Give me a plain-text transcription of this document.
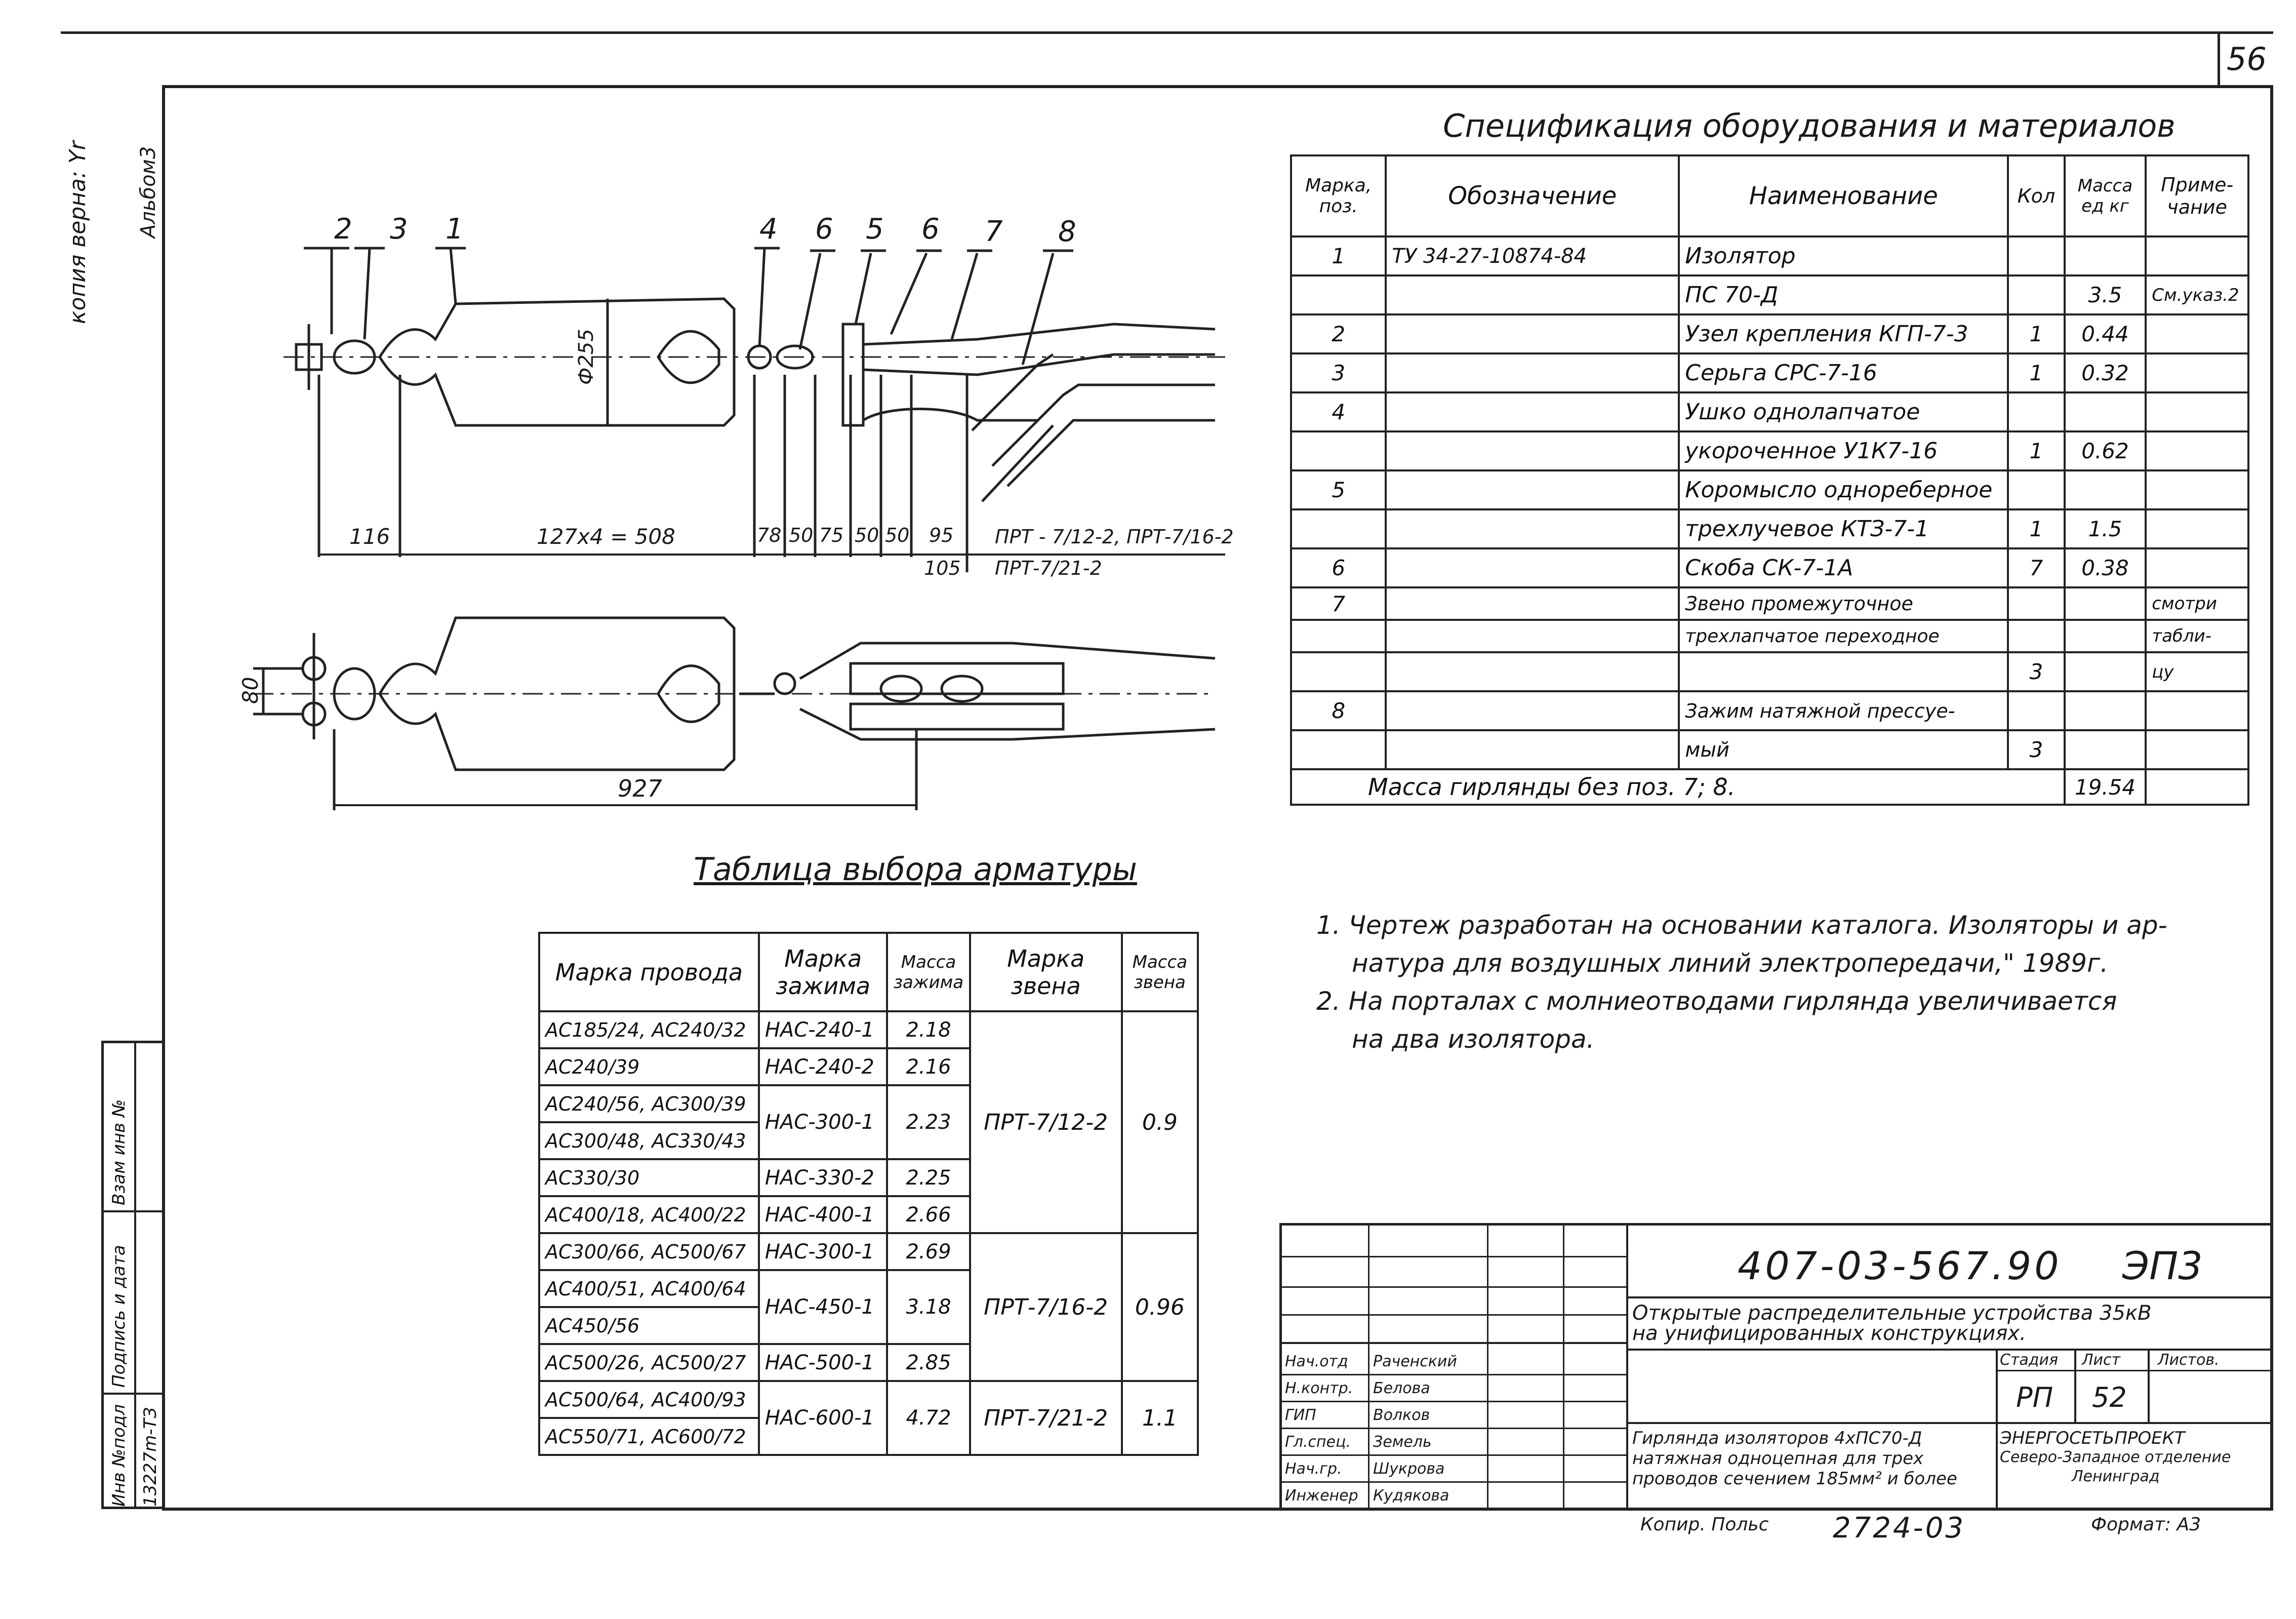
56
копия верна: Yr Альбом3
Инв №подл
Подпись и дата
Взам инв №
13227m-ТЗ
2 3 1	4 6 5 6 7 8
Ф255
116	127x4 = 508	78 50 75 50 50 95
105
ПРТ - 7/12-2, ПРТ-7/16-2
ПРТ-7/21-2
80
927
Таблица выбора арматуры
Марка провода	Марка зажима	Масса зажима	Марка звена	Масса звена
АС185/24, АС240/32	НАС-240-1	2.18	ПРТ-7/12-2	0.9
АС240/39	НАС-240-2	2.16		
АС240/56, АС300/39	НАС-300-1	2.23		
АС300/48, АС330/43				
АС330/30	НАС-330-2	2.25		
АС400/18, АС400/22	НАС-400-1	2.66		
АС300/66, АС500/67	НАС-300-1	2.69	ПРТ-7/16-2	0.96
АС400/51, АС400/64	НАС-450-1	3.18		
АС450/56				
АС500/26, АС500/27	НАС-500-1	2.85		
АС500/64, АС400/93	НАС-600-1	4.72	ПРТ-7/21-2	1.1
АС550/71, АС600/72				
Спецификация оборудования и материалов
Марка, поз.	Обозначение	Наименование	Кол	Масса ед кг	Приме- чание
1	ТУ 34-27-10874-84	Изолятор			
		ПС 70-Д		3.5	См.указ.2
2		Узел крепления КГП-7-3	1	0.44	
3		Серьга СРС-7-16	1	0.32	
4		Ушко однолапчатое			
		укороченное У1К7-16	1	0.62	
5		Коромысло однореберное			
		трехлучевое КТЗ-7-1	1	1.5	
6		Скоба СК-7-1А	7	0.38	
7		Звено промежуточное			смотри
		трехлапчатое переходное			табли-
			3		цу
8		Зажим натяжной прессуе-			
		мый	3		
Масса гирлянды без поз. 7; 8.				19.54	
1. Чертеж разработан на основании каталога. Изоляторы и ар-
натура для воздушных линий электропередачи," 1989г.
2. На порталах с молниеотводами гирлянда увеличивается
на два изолятора.
Нач.отд Раченский
Н.контр. Белова
ГИП	Волков
Гл.спец. Земель
Нач.гр. Шукрова
Инженер Кудякова
407-03-567.90 ЭП3
Открытые распределительные устройства 35кВ
на унифицированных конструкциях.
Стадия Лист Листов.
РП 52
Гирлянда изоляторов 4хПС70-Д
натяжная одноцепная для трех
проводов сечением 185мм² и более
ЭНЕРГОСЕТЬПРОЕКТ
Северо-Западное отделение
Ленинград
Копир. Польс 2724-03	Формат: А3
